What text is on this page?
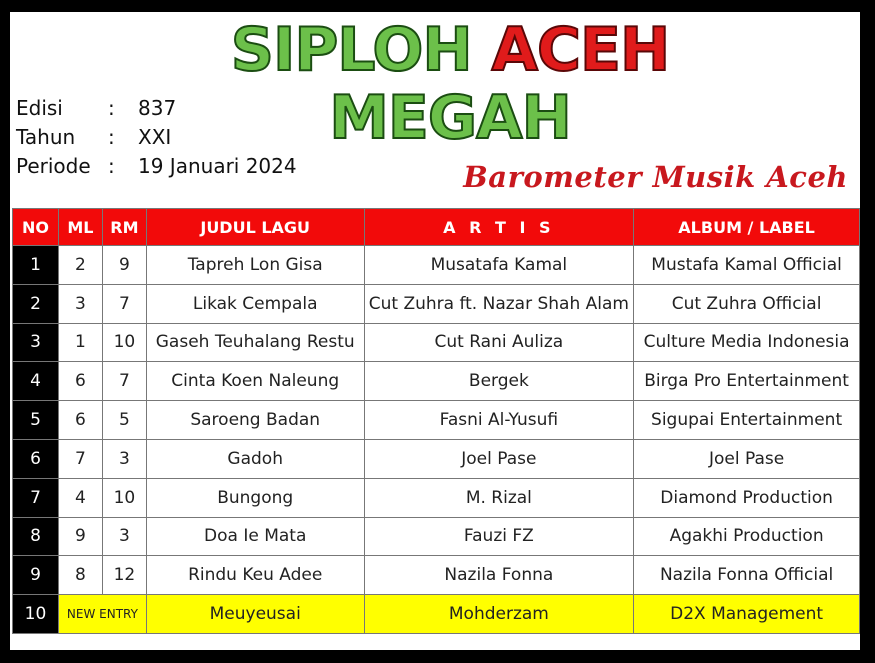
SIPLOH ACEH MEGAH
Edisi	:	837
Tahun	:	XXI
Periode :	19 Januari 2024	Barometer Musik Aceh
NO	ML	RM	JUDUL LAGU	A R T I S	ALBUM / LABEL
1	2	9	Tapreh Lon Gisa	Musatafa Kamal	Mustafa Kamal Official
2	3	7	Likak Cempala	Cut Zuhra ft. Nazar Shah Alam	Cut Zuhra Official
3	1	10	Gaseh Teuhalang Restu	Cut Rani Auliza	Culture Media Indonesia
4	6	7	Cinta Koen Naleung	Bergek	Birga Pro Entertainment
5	6	5	Saroeng Badan	Fasni Al-Yusufi	Sigupai Entertainment
6	7	3	Gadoh	Joel Pase	Joel Pase
7	4	10	Bungong	M. Rizal	Diamond Production
8	9	3	Doa Ie Mata	Fauzi FZ	Agakhi Production
9	8	12	Rindu Keu Adee	Nazila Fonna	Nazila Fonna Official
10	NEW ENTRY		Meuyeusai	Mohderzam	D2X Management
